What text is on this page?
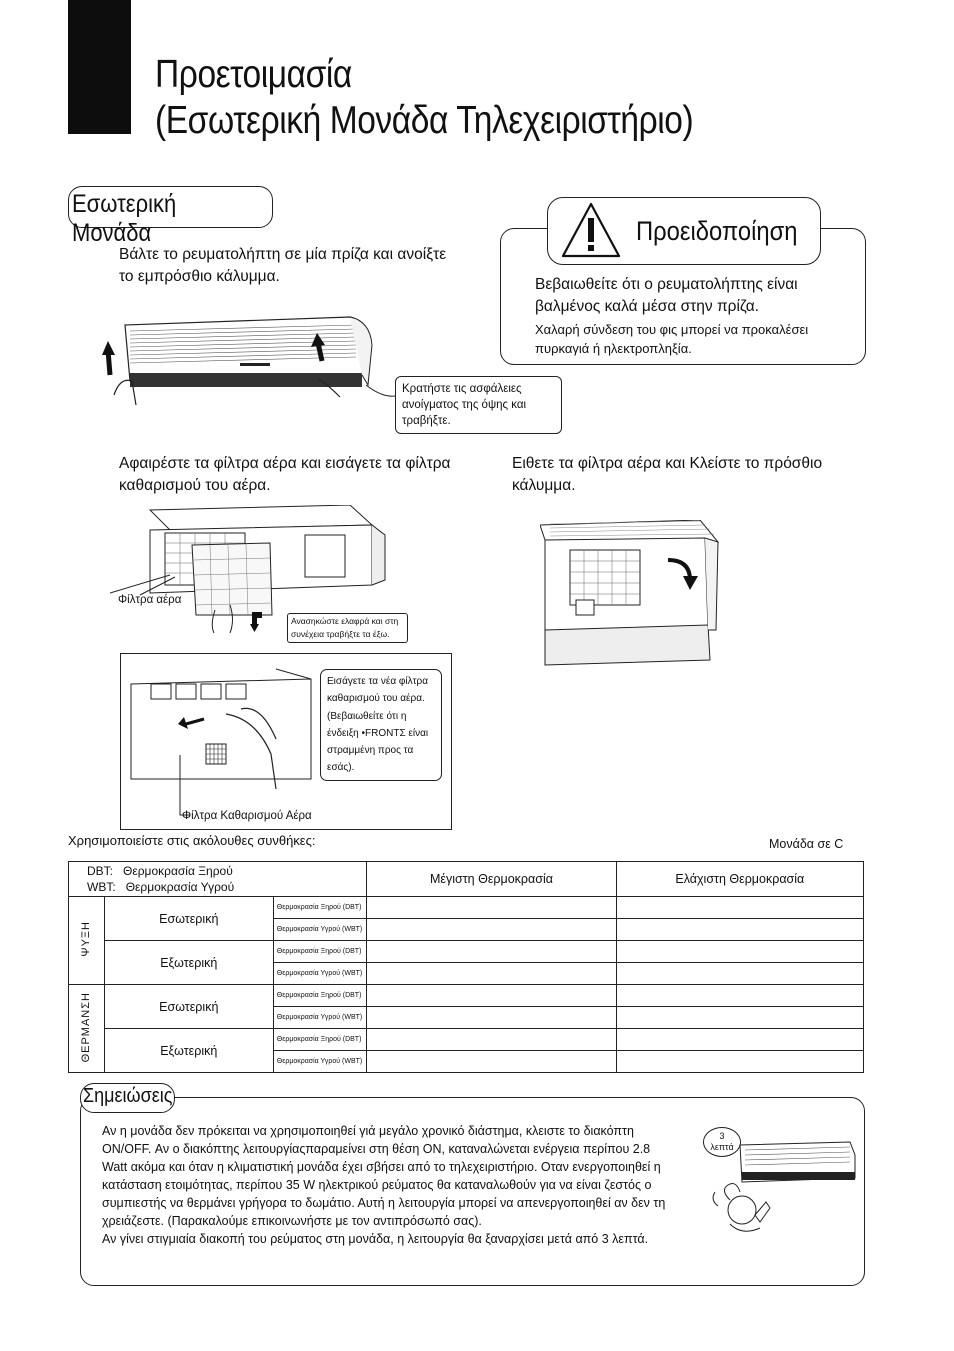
Προετοιμασία
(Εσωτερική Μονάδα Τηλεχειριστήριο)
Εσωτερική Μονάδα
Βάλτε το ρευματολήπτη σε μία πρίζα και ανοίξτε το εμπρόσθιο κάλυμμα.
Κρατήστε τις ασφάλειες ανοίγματος της όψης και τραβήξτε.
Προειδοποίηση
Βεβαιωθείτε ότι ο ρευματολήπτης είναι βαλμένος καλά μέσα στην πρίζα.
Χαλαρή σύνδεση του φις μπορεί να προκαλέσει πυρκαγιά ή ηλεκτροπληξία.
Αφαιρέστε τα φίλτρα αέρα και εισάγετε τα φίλτρα καθαρισμού του αέρα.
Φίλτρα αέρα
Ανασηκώστε ελαφρά και στη συνέχεια τραβήξτε τα έξω.
Ειθετε τα φίλτρα αέρα και Κλείστε το πρόσθιο κάλυμμα.
Εισάγετε τα νέα φίλτρα καθαρισμού του αέρα. (Βεβαιωθείτε ότι η ένδειξη •FRONTΣ είναι στραμμένη προς τα εσάς).
Φίλτρα Καθαρισμού Αέρα
Χρησιμοποιείστε στις ακόλουθες συνθήκες:	Μονάδα σε C
DBT: Θερμοκρασία Ξηρού
WBT: Θερμοκρασία Υγρού			Μέγιστη Θερμοκρασία	Ελάχιστη Θερμοκρασία
ΨΥΞΗ	Εσωτερική	Θερμοκρασία Ξηρού (DBT)		
		Θερμοκρασία Υγρού (WBT)		
	Εξωτερική	Θερμοκρασία Ξηρού (DBT)		
		Θερμοκρασία Υγρού (WBT)		
ΘΕΡΜΑΝΣΗ	Εσωτερική	Θερμοκρασία Ξηρού (DBT)		
		Θερμοκρασία Υγρού (WBT)		
	Εξωτερική	Θερμοκρασία Ξηρού (DBT)		
		Θερμοκρασία Υγρού (WBT)		
Σημειώσεις
Αν η μονάδα δεν πρόκειται να χρησιμοποιηθεί γιά μεγάλο χρονικό διάστημα, κλειστε το διακόπτη ON/OFF. Αν ο διακόπτης λειτουργίαςπαραμείνει στη θέση ON, καταναλώνεται ενέργεια περίπου 2.8 Watt ακόμα και όταν η κλιματιστική μονάδα έχει σβήσει από το τηλεχειριστήριο. Οταν ενεργοποιηθεί η κατάσταση ετοιμότητας, περίπου 35 W ηλεκτρικού ρεύματος θα καταναλωθούν για να είναι ζεστός ο συμπιεστής να θερμάνει γρήγορα το δωμάτιο. Αυτή η λειτουργία μπορεί να απενεργοποιηθεί αν δεν τη χρειάζεστε. (Παρακαλούμε επικοινωνήστε με τον αντιπρόσωπό σας).
Αν γίνει στιγμιαία διακοπή του ρεύματος στη μονάδα, η λειτουργία θα ξαναρχίσει μετά από 3 λεπτά.
3
λεπτά
